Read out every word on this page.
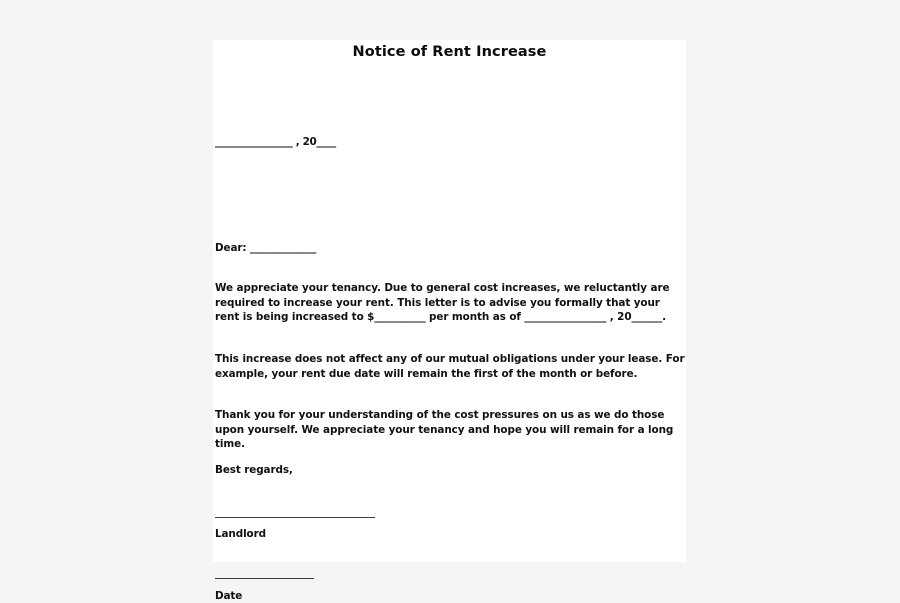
Notice of Rent Increase
________________ , 20____
Dear: _____________
We appreciate your tenancy. Due to general cost increases, we reluctantly are required to increase your rent. This letter is to advise you formally that your rent is being increased to $__________ per month as of ________________ , 20______.
This increase does not affect any of our mutual obligations under your lease. For example, your rent due date will remain the first of the month or before.
Thank you for your understanding of the cost pressures on us as we do those upon yourself. We appreciate your tenancy and hope you will remain for a long time.
Best regards,
Landlord
Date
